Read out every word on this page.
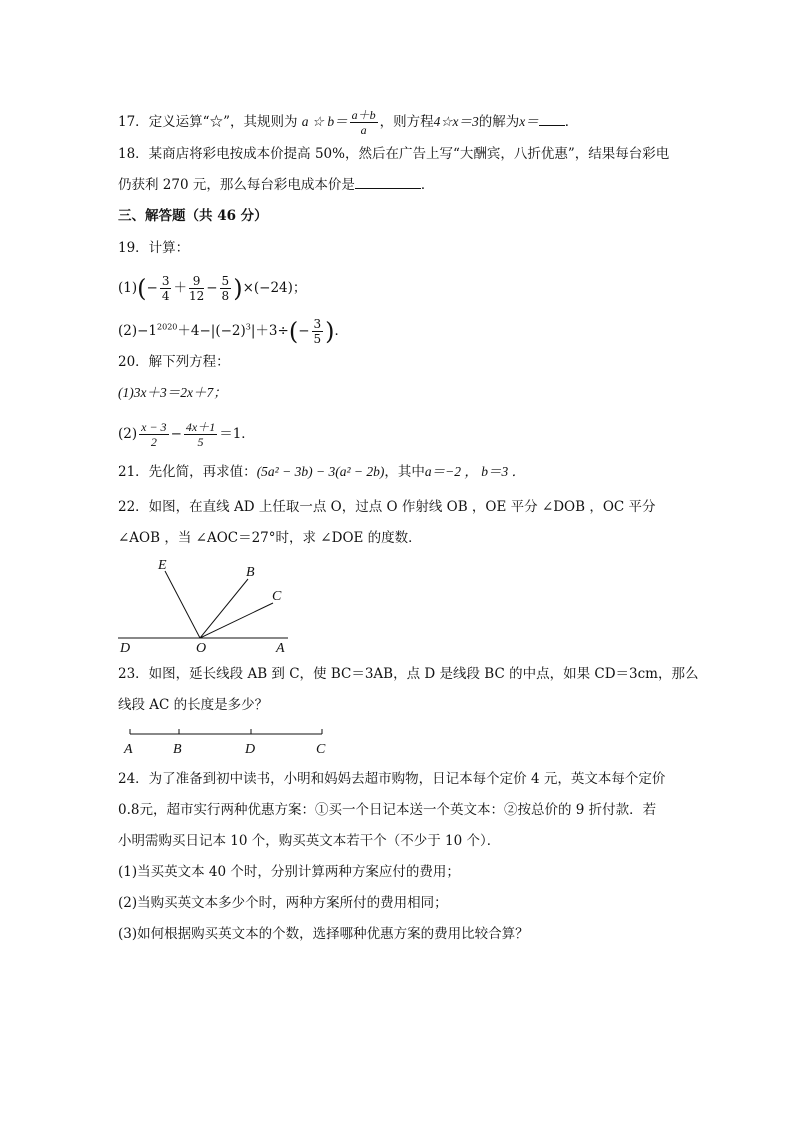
17．定义运算“☆”，其规则为 a ☆ $b= \frac{a+b}{a}$ ，则方程4☆x＝3的解为x＝ ．
18．某商店将彩电按成本价提高 50%，然后在广告上写“大酬宾，八折优惠”，结果每台彩电
仍获利 270 元，那么每台彩电成本价是	．
三、解答题（共 46 分）
19．计算：
$(1)(- \frac{3}{4} + \frac{9}{12} - \frac{5}{8} )\times(-24)$；
$(2)-1^{2020}+4-|(-2)^3|+3\div(- \frac{3}{5}$ )．
20．解下列方程：
(1)3x＋3＝2x＋7；
$(2) \frac{x - 3}{2} - \frac{4x+1}{5} =1$．
21．先化简，再求值：(5a² − 3b) − 3(a² − 2b)，其中a＝−2 ， b＝3 ．
22．如图，在直线 AD 上任取一点 O，过点 O 作射线 OB ，OE 平分 ∠DOB ，OC 平分
∠AOB ，当 ∠AOC＝27°时，求 ∠DOE 的度数．
E	B
C
D	O	A
23．如图，延长线段 AB 到 C，使 BC＝3AB，点 D 是线段 BC 的中点，如果 CD＝3cm，那么
线段 AC 的长度是多少？
A	B	D	C
24．为了准备到初中读书，小明和妈妈去超市购物，日记本每个定价 4 元，英文本每个定价
0.8元，超市实行两种优惠方案：①买一个日记本送一个英文本：②按总价的 9 折付款．若
小明需购买日记本 10 个，购买英文本若干个（不少于 10 个）．
(1)当买英文本 40 个时，分别计算两种方案应付的费用；
(2)当购买英文本多少个时，两种方案所付的费用相同；
(3)如何根据购买英文本的个数，选择哪种优惠方案的费用比较合算？
